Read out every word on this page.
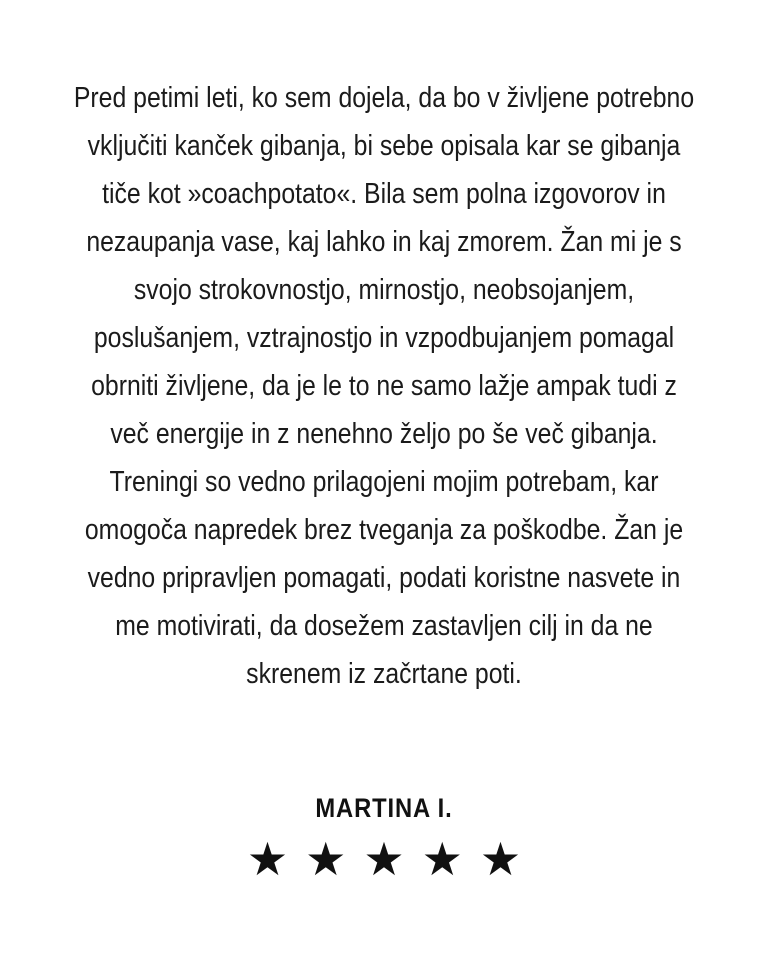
Pred petimi leti, ko sem dojela, da bo v življene potrebno vključiti kanček gibanja, bi sebe opisala kar se gibanja tiče kot »coachpotato«. Bila sem polna izgovorov in nezaupanja vase, kaj lahko in kaj zmorem. Žan mi je s svojo strokovnostjo, mirnostjo, neobsojanjem, poslušanjem, vztrajnostjo in vzpodbujanjem pomagal obrniti življene, da je le to ne samo lažje ampak tudi z več energije in z nenehno željo po še več gibanja. Treningi so vedno prilagojeni mojim potrebam, kar omogoča napredek brez tveganja za poškodbe. Žan je vedno pripravljen pomagati, podati koristne nasvete in me motivirati, da dosežem zastavljen cilj in da ne skrenem iz začrtane poti.

MARTINA I.
★★★★★
